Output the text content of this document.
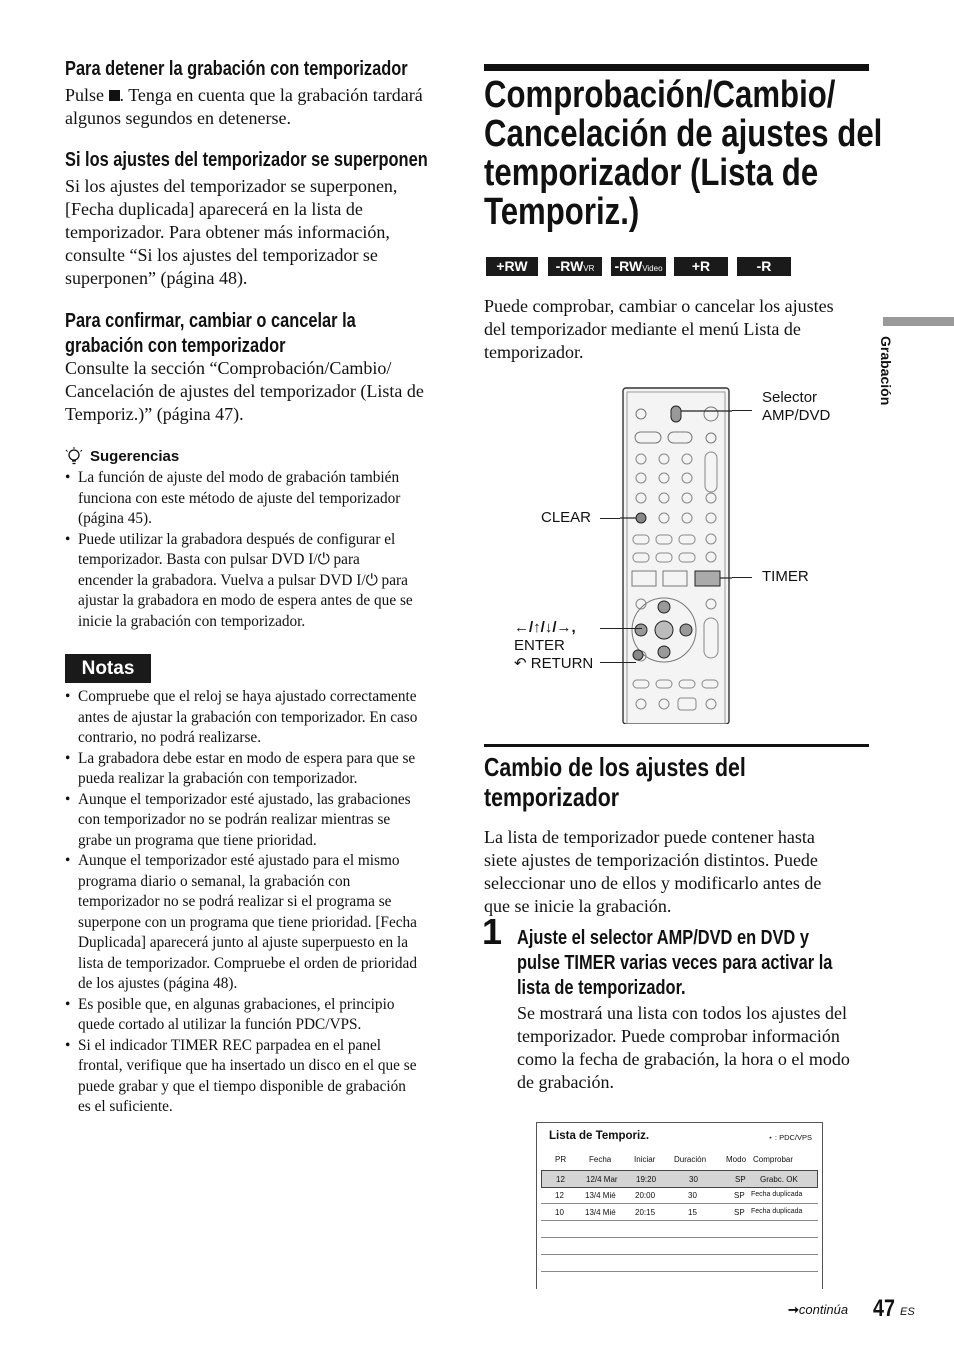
Para detener la grabación con temporizador
Pulse . Tenga en cuenta que la grabación tardará
algunos segundos en detenerse.
Si los ajustes del temporizador se superponen
Si los ajustes del temporizador se superponen,
[Fecha duplicada] aparecerá en la lista de
temporizador. Para obtener más información,
consulte “Si los ajustes del temporizador se
superponen” (página 48).
Para confirmar, cambiar o cancelar la
grabación con temporizador
Consulte la sección “Comprobación/Cambio/
Cancelación de ajustes del temporizador (Lista de
Temporiz.)” (página 47).
Sugerencias
• La función de ajuste del modo de grabación también
funciona con este método de ajuste del temporizador
(página 45).
• Puede utilizar la grabadora después de configurar el
temporizador. Basta con pulsar DVD I/⏻ para
encender la grabadora. Vuelva a pulsar DVD I/⏻ para
ajustar la grabadora en modo de espera antes de que se
inicie la grabación con temporizador.
Notas
• Compruebe que el reloj se haya ajustado correctamente
antes de ajustar la grabación con temporizador. En caso
contrario, no podrá realizarse.
• La grabadora debe estar en modo de espera para que se
pueda realizar la grabación con temporizador.
• Aunque el temporizador esté ajustado, las grabaciones
con temporizador no se podrán realizar mientras se
grabe un programa que tiene prioridad.
• Aunque el temporizador esté ajustado para el mismo
programa diario o semanal, la grabación con
temporizador no se podrá realizar si el programa se
superpone con un programa que tiene prioridad. [Fecha
Duplicada] aparecerá junto al ajuste superpuesto en la
lista de temporizador. Compruebe el orden de prioridad
de los ajustes (página 48).
• Es posible que, en algunas grabaciones, el principio
quede cortado al utilizar la función PDC/VPS.
• Si el indicador TIMER REC parpadea en el panel
frontal, verifique que ha insertado un disco en el que se
puede grabar y que el tiempo disponible de grabación
es el suficiente.
Comprobación/Cambio/
Cancelación de ajustes del
temporizador (Lista de
Temporiz.)
+RW	-RWVR	-RWVideo	+R	-R
Puede comprobar, cambiar o cancelar los ajustes
del temporizador mediante el menú Lista de
temporizador.
Selector
AMP/DVD
CLEAR
TIMER
←/↑/↓/→,
ENTER
↶ RETURN
Cambio de los ajustes del
temporizador
La lista de temporizador puede contener hasta
siete ajustes de temporización distintos. Puede
seleccionar uno de ellos y modificarlo antes de
que se inicie la grabación.
1 Ajuste el selector AMP/DVD en DVD y
pulse TIMER varias veces para activar la
lista de temporizador.
Se mostrará una lista con todos los ajustes del
temporizador. Puede comprobar información
como la fecha de grabación, la hora o el modo
de grabación.
Lista de Temporiz.	⋆ : PDC/VPS
PR	Fecha	Iniciar Duración Modo Comprobar
12	12/4 Mar 19:20	30	SP Grabc. OK
12	13/4 Mié 20:00	30	SP Fecha duplicada
10	13/4 Mié 20:15	15	SP Fecha duplicada
Grabación
➞continúa 47 ES
